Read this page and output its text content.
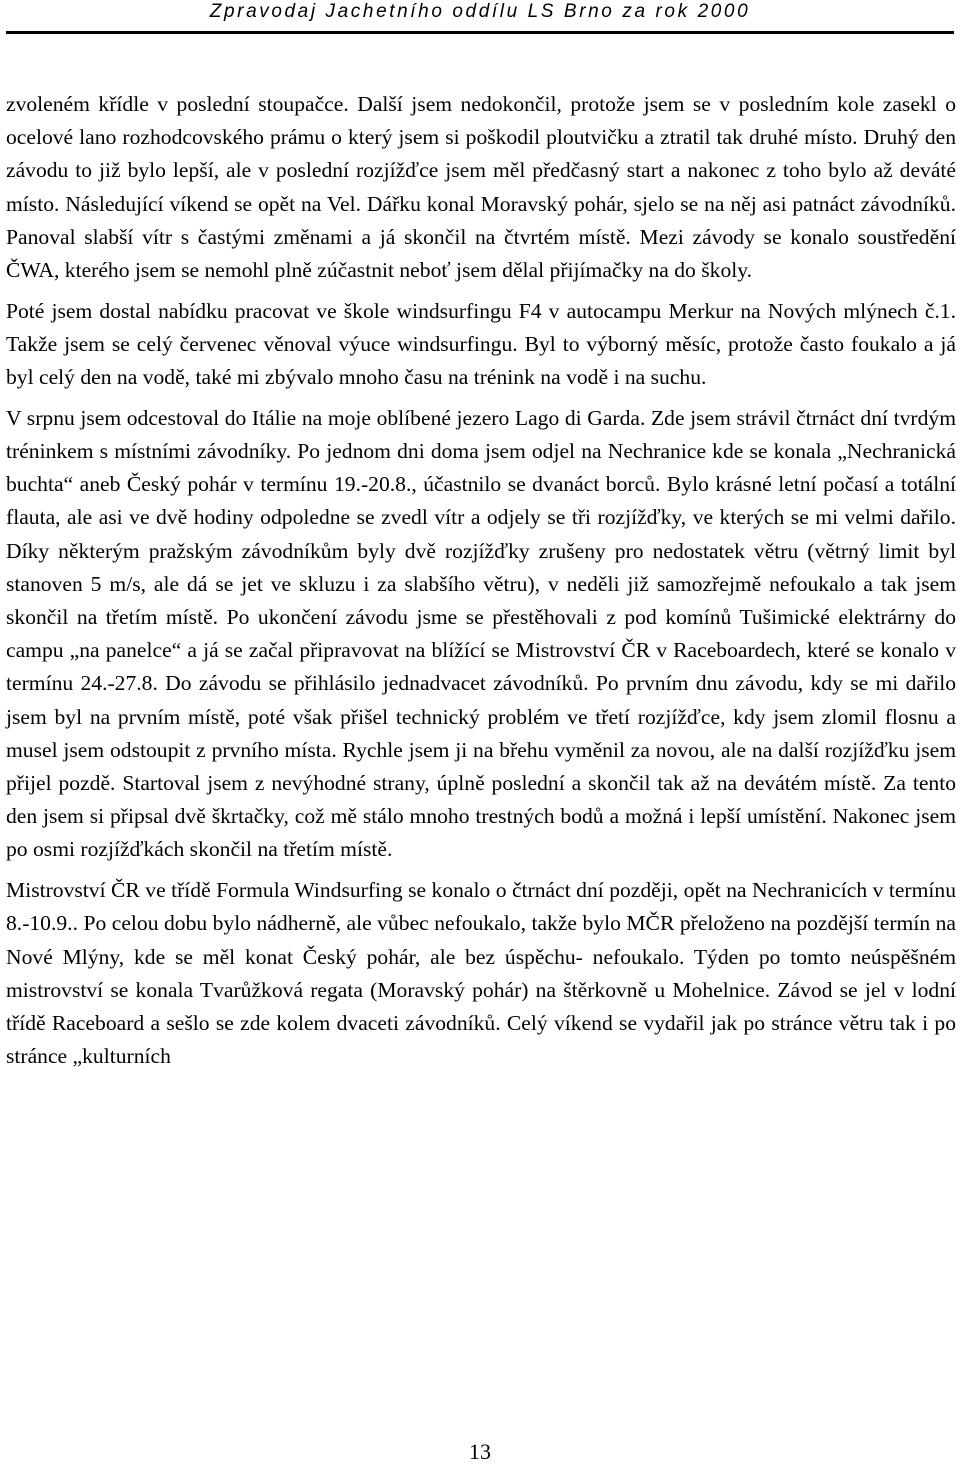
Zpravodaj Jachetního oddílu LS Brno za rok 2000

zvoleném křídle v poslední stoupačce. Další jsem nedokončil, protože jsem se v posledním kole zasekl o ocelové lano rozhodcovského prámu o který jsem si poškodil ploutvičku a ztratil tak druhé místo. Druhý den závodu to již bylo lepší, ale v poslední rozjížďce jsem měl předčasný start a nakonec z toho bylo až deváté místo. Následující víkend se opět na Vel. Dářku konal Moravský pohár, sjelo se na něj asi patnáct závodníků. Panoval slabší vítr s častými změnami a já skončil na čtvrtém místě. Mezi závody se konalo soustředění ČWA, kterého jsem se nemohl plně zúčastnit neboť jsem dělal přijímačky na do školy.

Poté jsem dostal nabídku pracovat ve škole windsurfingu F4 v autocampu Merkur na Nových mlýnech č.1. Takže jsem se celý červenec věnoval výuce windsurfingu. Byl to výborný měsíc, protože často foukalo a já byl celý den na vodě, také mi zbývalo mnoho času na trénink na vodě i na suchu.

V srpnu jsem odcestoval do Itálie na moje oblíbené jezero Lago di Garda. Zde jsem strávil čtrnáct dní tvrdým tréninkem s místními závodníky. Po jednom dni doma jsem odjel na Nechranice kde se konala „Nechranická buchta“ aneb Český pohár v termínu 19.-20.8., účastnilo se dvanáct borců. Bylo krásné letní počasí a totální flauta, ale asi ve dvě hodiny odpoledne se zvedl vítr a odjely se tři rozjížďky, ve kterých se mi velmi dařilo. Díky některým pražským závodníkům byly dvě rozjížďky zrušeny pro nedostatek větru (větrný limit byl stanoven 5 m/s, ale dá se jet ve skluzu i za slabšího větru), v neděli již samozřejmě nefoukalo a tak jsem skončil na třetím místě. Po ukončení závodu jsme se přestěhovali z pod komínů Tušimické elektrárny do campu „na panelce“ a já se začal připravovat na blížící se Mistrovství ČR v Raceboardech, které se konalo v termínu 24.-27.8. Do závodu se přihlásilo jednadvacet závodníků. Po prvním dnu závodu, kdy se mi dařilo jsem byl na prvním místě, poté však přišel technický problém ve třetí rozjížďce, kdy jsem zlomil flosnu a musel jsem odstoupit z prvního místa. Rychle jsem ji na břehu vyměnil za novou, ale na další rozjížďku jsem přijel pozdě. Startoval jsem z nevýhodné strany, úplně poslední a skončil tak až na devátém místě. Za tento den jsem si připsal dvě škrtačky, což mě stálo mnoho trestných bodů a možná i lepší umístění. Nakonec jsem po osmi rozjížďkách skončil na třetím místě.

Mistrovství ČR ve třídě Formula Windsurfing se konalo o čtrnáct dní později, opět na Nechranicích v termínu 8.-10.9.. Po celou dobu bylo nádherně, ale vůbec nefoukalo, takže bylo MČR přeloženo na pozdější termín na Nové Mlýny, kde se měl konat Český pohár, ale bez úspěchu- nefoukalo. Týden po tomto neúspěšném mistrovství se konala Tvarůžková regata (Moravský pohár) na štěrkovně u Mohelnice. Závod se jel v lodní třídě Raceboard a sešlo se zde kolem dvaceti závodníků. Celý víkend se vydařil jak po stránce větru tak i po stránce „kulturních

13
